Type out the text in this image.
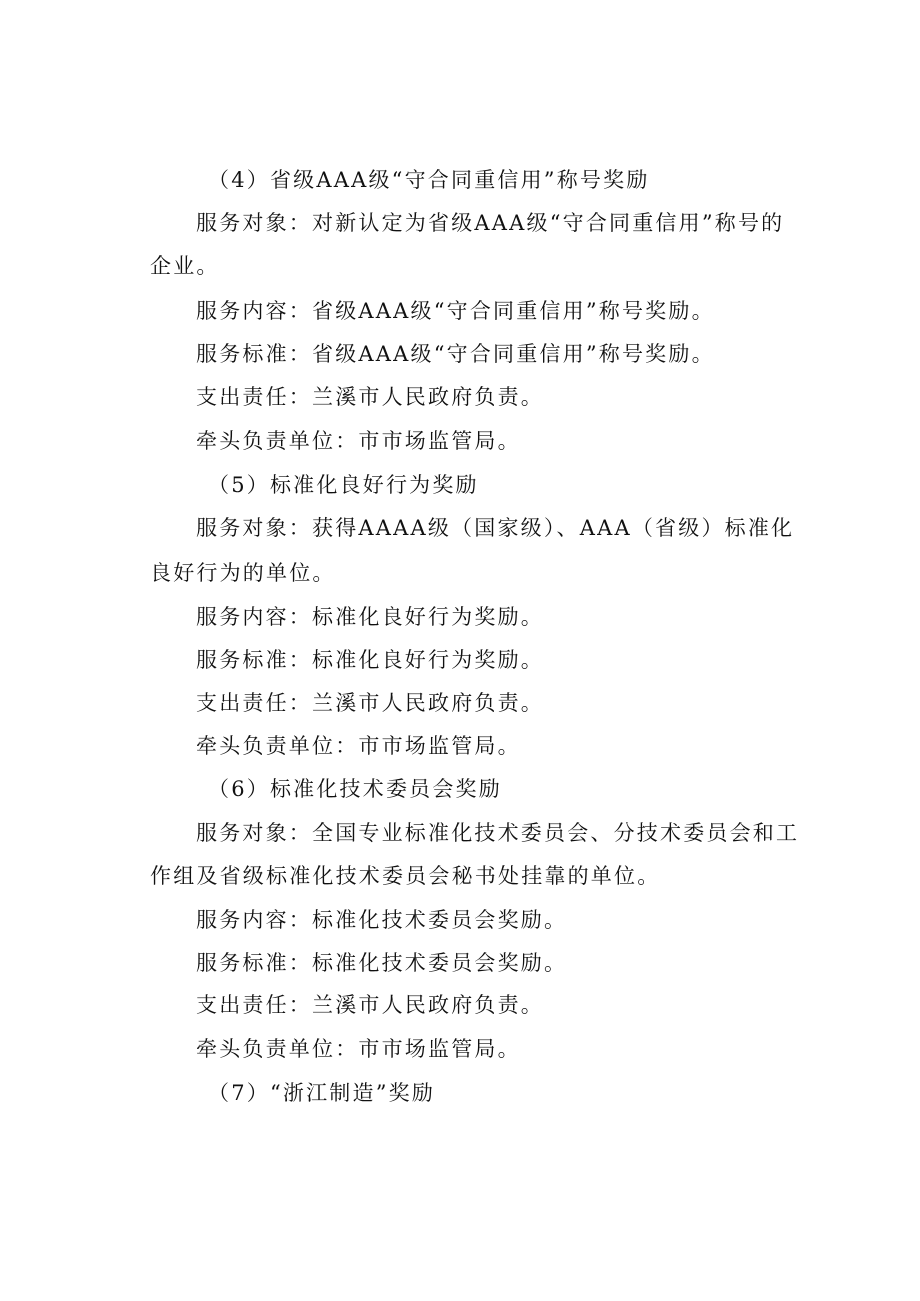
（4）省级AAA级“守合同重信用”称号奖励
服务对象：对新认定为省级AAA级“守合同重信用”称号的
企业。
服务内容：省级AAA级“守合同重信用”称号奖励。
服务标准：省级AAA级“守合同重信用”称号奖励。
支出责任：兰溪市人民政府负责。
牵头负责单位：市市场监管局。
（5）标准化良好行为奖励
服务对象：获得AAAA级（国家级）、AAA（省级）标准化
良好行为的单位。
服务内容：标准化良好行为奖励。
服务标准：标准化良好行为奖励。
支出责任：兰溪市人民政府负责。
牵头负责单位：市市场监管局。
（6）标准化技术委员会奖励
服务对象：全国专业标准化技术委员会、分技术委员会和工
作组及省级标准化技术委员会秘书处挂靠的单位。
服务内容：标准化技术委员会奖励。
服务标准：标准化技术委员会奖励。
支出责任：兰溪市人民政府负责。
牵头负责单位：市市场监管局。
（7）“浙江制造”奖励
